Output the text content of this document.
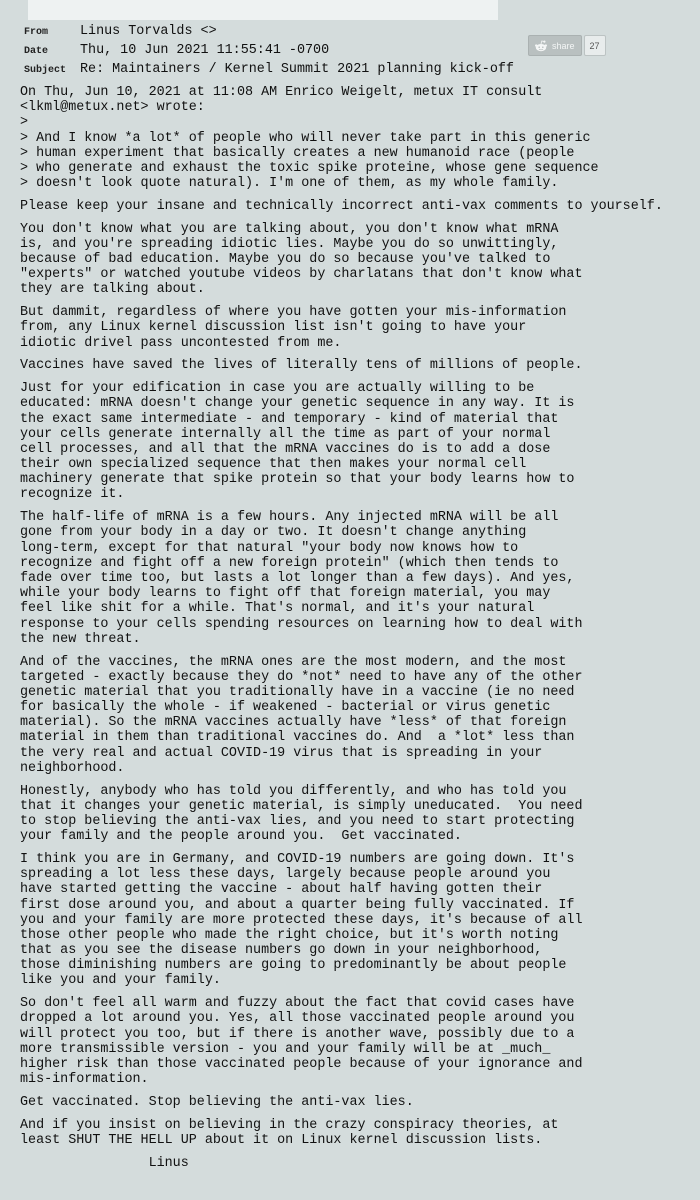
From	Linus Torvalds <>
Date	Thu, 10 Jun 2021 11:55:41 -0700
Subject	Re: Maintainers / Kernel Summit 2021 planning kick-off
share	27
On Thu, Jun 10, 2021 at 11:08 AM Enrico Weigelt, metux IT consult
<lkml@metux.net> wrote:
>
> And I know *a lot* of people who will never take part in this generic
> human experiment that basically creates a new humanoid race (people
> who generate and exhaust the toxic spike proteine, whose gene sequence
> doesn't look quote natural). I'm one of them, as my whole family.
Please keep your insane and technically incorrect anti-vax comments to yourself.
You don't know what you are talking about, you don't know what mRNA
is, and you're spreading idiotic lies. Maybe you do so unwittingly,
because of bad education. Maybe you do so because you've talked to
"experts" or watched youtube videos by charlatans that don't know what
they are talking about.
But dammit, regardless of where you have gotten your mis-information
from, any Linux kernel discussion list isn't going to have your
idiotic drivel pass uncontested from me.
Vaccines have saved the lives of literally tens of millions of people.
Just for your edification in case you are actually willing to be
educated: mRNA doesn't change your genetic sequence in any way. It is
the exact same intermediate - and temporary - kind of material that
your cells generate internally all the time as part of your normal
cell processes, and all that the mRNA vaccines do is to add a dose
their own specialized sequence that then makes your normal cell
machinery generate that spike protein so that your body learns how to
recognize it.
The half-life of mRNA is a few hours. Any injected mRNA will be all
gone from your body in a day or two. It doesn't change anything
long-term, except for that natural "your body now knows how to
recognize and fight off a new foreign protein" (which then tends to
fade over time too, but lasts a lot longer than a few days). And yes,
while your body learns to fight off that foreign material, you may
feel like shit for a while. That's normal, and it's your natural
response to your cells spending resources on learning how to deal with
the new threat.
And of the vaccines, the mRNA ones are the most modern, and the most
targeted - exactly because they do *not* need to have any of the other
genetic material that you traditionally have in a vaccine (ie no need
for basically the whole - if weakened - bacterial or virus genetic
material). So the mRNA vaccines actually have *less* of that foreign
material in them than traditional vaccines do. And  a *lot* less than
the very real and actual COVID-19 virus that is spreading in your
neighborhood.
Honestly, anybody who has told you differently, and who has told you
that it changes your genetic material, is simply uneducated.  You need
to stop believing the anti-vax lies, and you need to start protecting
your family and the people around you.  Get vaccinated.
I think you are in Germany, and COVID-19 numbers are going down. It's
spreading a lot less these days, largely because people around you
have started getting the vaccine - about half having gotten their
first dose around you, and about a quarter being fully vaccinated. If
you and your family are more protected these days, it's because of all
those other people who made the right choice, but it's worth noting
that as you see the disease numbers go down in your neighborhood,
those diminishing numbers are going to predominantly be about people
like you and your family.
So don't feel all warm and fuzzy about the fact that covid cases have
dropped a lot around you. Yes, all those vaccinated people around you
will protect you too, but if there is another wave, possibly due to a
more transmissible version - you and your family will be at _much_
higher risk than those vaccinated people because of your ignorance and
mis-information.
Get vaccinated. Stop believing the anti-vax lies.
And if you insist on believing in the crazy conspiracy theories, at
least SHUT THE HELL UP about it on Linux kernel discussion lists.
Linus
